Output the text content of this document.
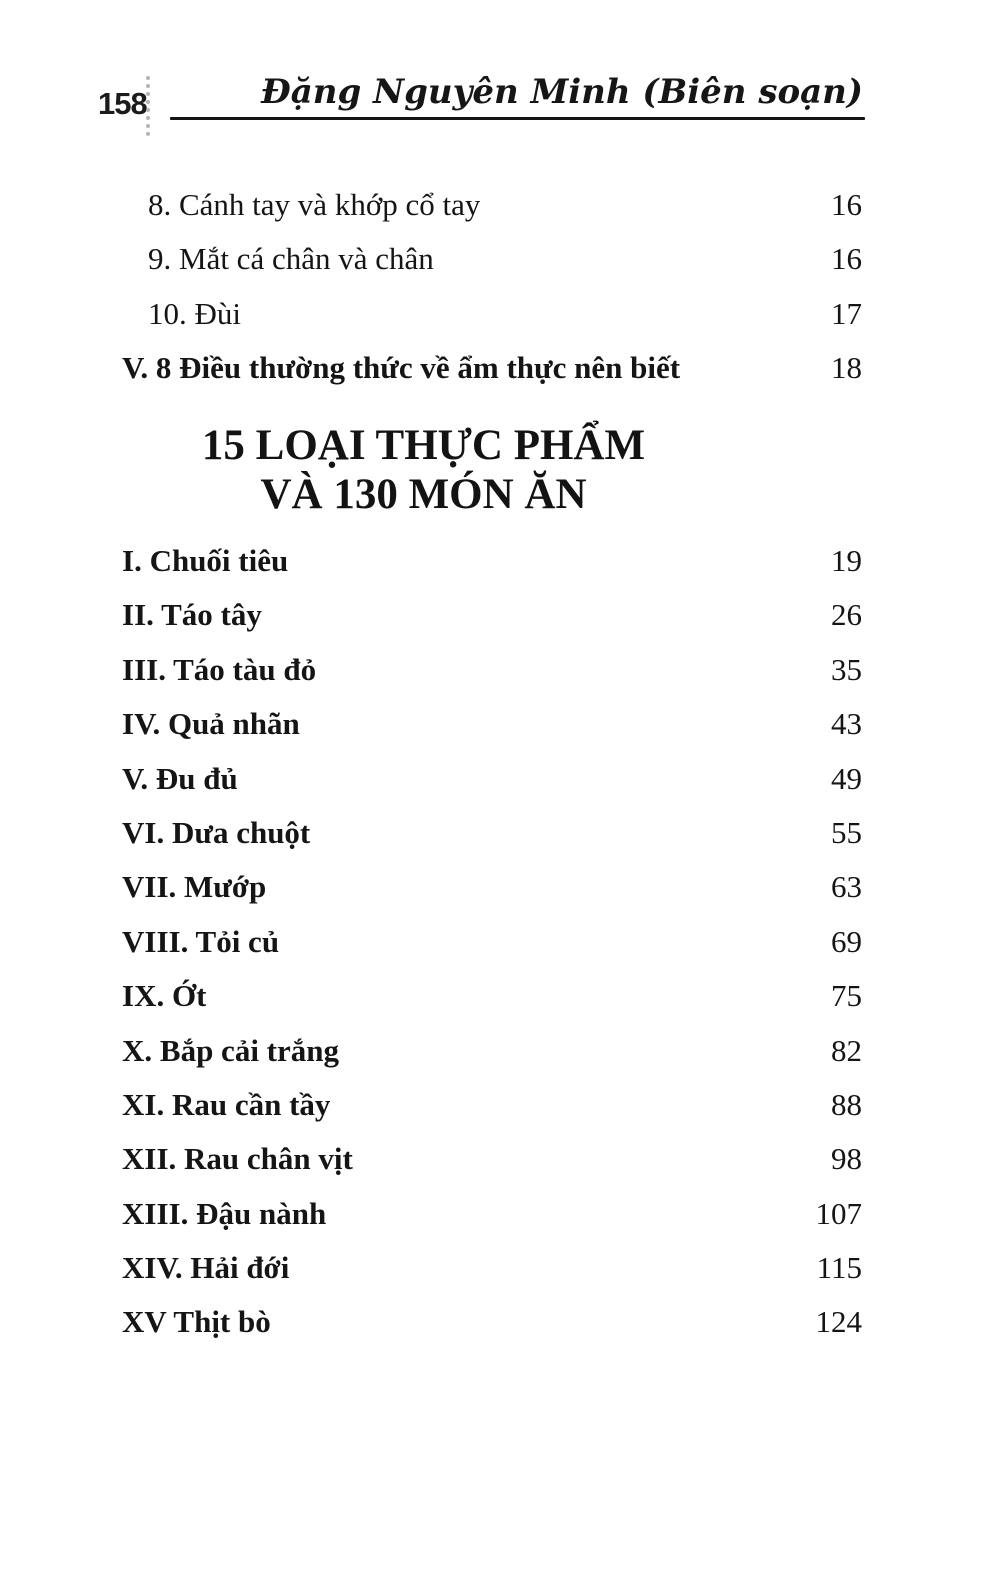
158	Đặng Nguyên Minh (Biên soạn)
8. Cánh tay và khớp cổ tay	16
9. Mắt cá chân và chân	16
10. Đùi	17
V. 8 Điều thường thức về ẩm thực nên biết	18
15 LOẠI THỰC PHẨM
VÀ 130 MÓN ĂN
I. Chuối tiêu	19
II. Táo tây	26
III. Táo tàu đỏ	35
IV. Quả nhãn	43
V. Đu đủ	49
VI. Dưa chuột	55
VII. Mướp	63
VIII. Tỏi củ	69
IX. Ớt	75
X. Bắp cải trắng	82
XI. Rau cần tầy	88
XII. Rau chân vịt	98
XIII. Đậu nành	107
XIV. Hải đới	115
XV Thịt bò	124
